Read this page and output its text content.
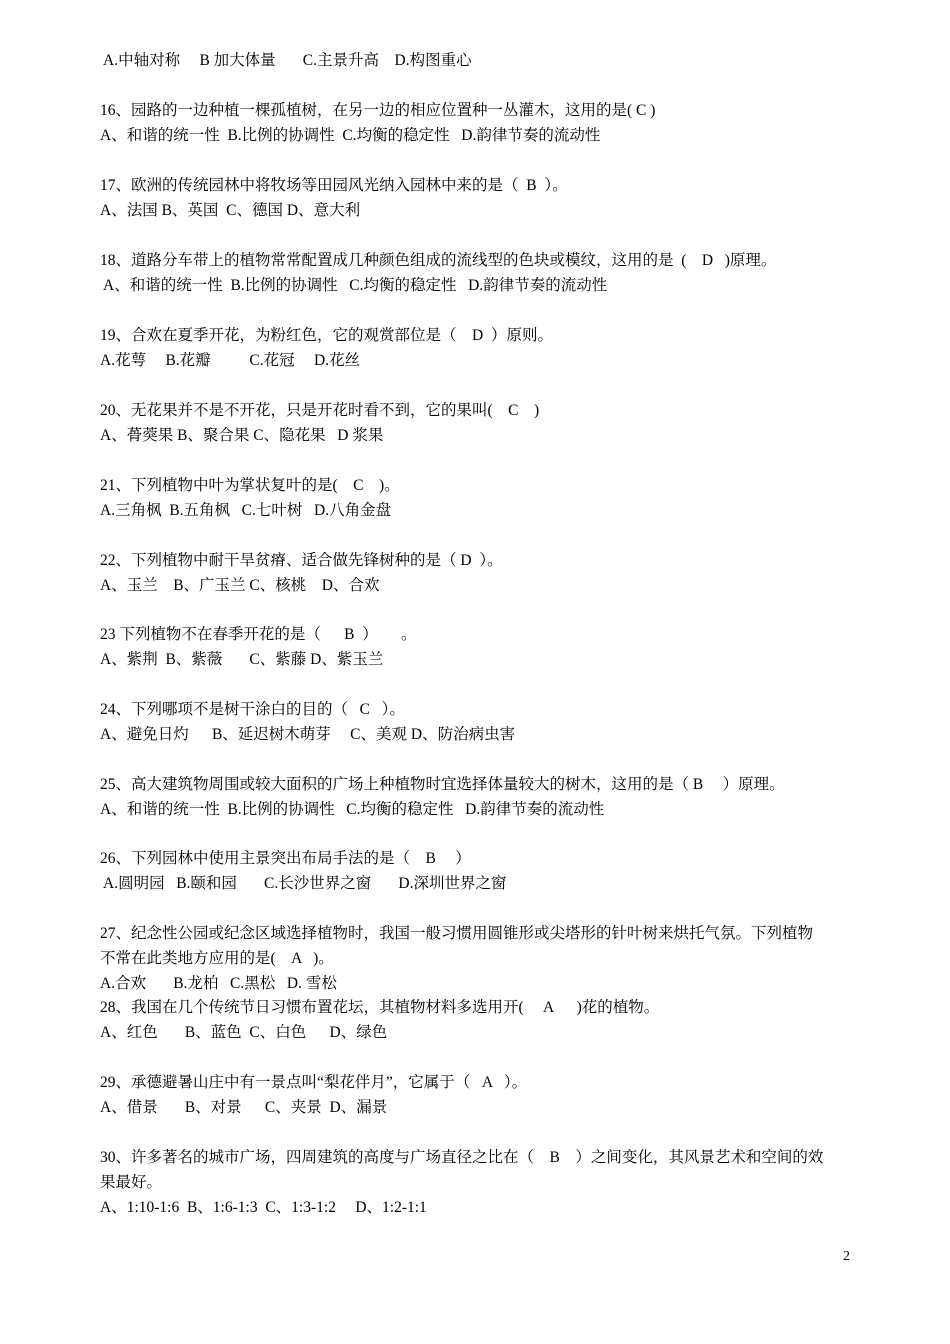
A.中轴对称     B 加大体量       C.主景升高    D.构图重心
16、园路的一边种植一棵孤植树，在另一边的相应位置种一丛灌木，这用的是( C )
A、和谐的统一性  B.比例的协调性  C.均衡的稳定性   D.韵律节奏的流动性
17、欧洲的传统园林中将牧场等田园风光纳入园林中来的是（  B  ）。
A、法国 B、英国  C、德国 D、意大利
18、道路分车带上的植物常常配置成几种颜色组成的流线型的色块或模纹，这用的是  (    D   )原理。
A、和谐的统一性  B.比例的协调性   C.均衡的稳定性   D.韵律节奏的流动性
19、合欢在夏季开花，为粉红色，它的观赏部位是（    D  ）原则。
A.花萼     B.花瓣          C.花冠     D.花丝
20、无花果并不是不开花，只是开花时看不到，它的果叫(    C    )
A、蓇葖果 B、聚合果 C、隐花果   D 浆果
21、下列植物中叶为掌状复叶的是(    C    )。
A.三角枫  B.五角枫   C.七叶树   D.八角金盘
22、下列植物中耐干旱贫瘠、适合做先锋树种的是（ D  ）。
A、玉兰    B、广玉兰 C、核桃    D、合欢
23 下列植物不在春季开花的是（      B  ）      。
A、紫荆  B、紫薇       C、紫藤 D、紫玉兰
24、下列哪项不是树干涂白的目的（   C   ）。
A、避免日灼      B、延迟树木萌芽     C、美观 D、防治病虫害
25、高大建筑物周围或较大面积的广场上种植物时宜选择体量较大的树木，这用的是（ B     ）原理。
A、和谐的统一性  B.比例的协调性   C.均衡的稳定性   D.韵律节奏的流动性
26、下列园林中使用主景突出布局手法的是（    B     ）
A.圆明园   B.颐和园       C.长沙世界之窗       D.深圳世界之窗
27、纪念性公园或纪念区域选择植物时，我国一般习惯用圆锥形或尖塔形的针叶树来烘托气氛。下列植物
不常在此类地方应用的是(    A   )。
A.合欢       B.龙柏   C.黑松   D. 雪松
28、我国在几个传统节日习惯布置花坛，其植物材料多选用开(     A      )花的植物。
A、红色       B、蓝色  C、白色      D、绿色
29、承德避暑山庄中有一景点叫“梨花伴月”，它属于（   A   ）。
A、借景       B、对景      C、夹景  D、漏景
30、许多著名的城市广场，四周建筑的高度与广场直径之比在（    B    ）之间变化，其风景艺术和空间的效
果最好。
A、1:10-1:6  B、1:6-1:3  C、1:3-1:2     D、1:2-1:1
2
